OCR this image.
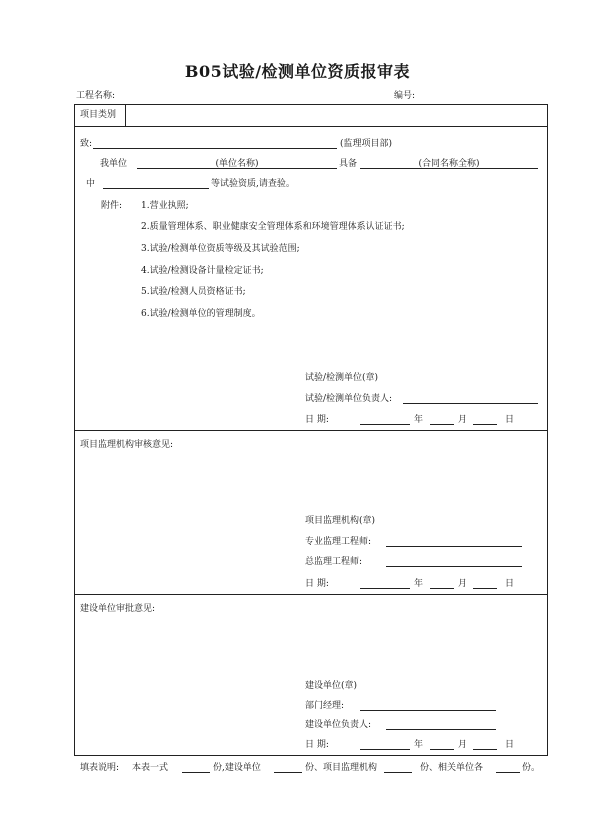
B05试验/检测单位资质报审表
工程名称:	编号:
项目类别
致:	(监理项目部)
我单位	(单位名称)	具备	(合同名称全称)
中	等试验资质,请查验。
附件: 1.营业执照;
2.质量管理体系、职业健康安全管理体系和环境管理体系认证证书;
3.试验/检测单位资质等级及其试验范围;
4.试验/检测设备计量检定证书;
5.试验/检测人员资格证书;
6.试验/检测单位的管理制度。
试验/检测单位(章)
试验/检测单位负责人:
日 期:	年	月	日
项目监理机构审核意见:
项目监理机构(章)
专业监理工程师:
总监理工程师:
日 期:	年	月	日
建设单位审批意见:
建设单位(章)
部门经理:
建设单位负责人:
日 期:	年	月	日
填表说明: 本表一式	份,建设单位	份、项目监理机构	份、相关单位各	份。
